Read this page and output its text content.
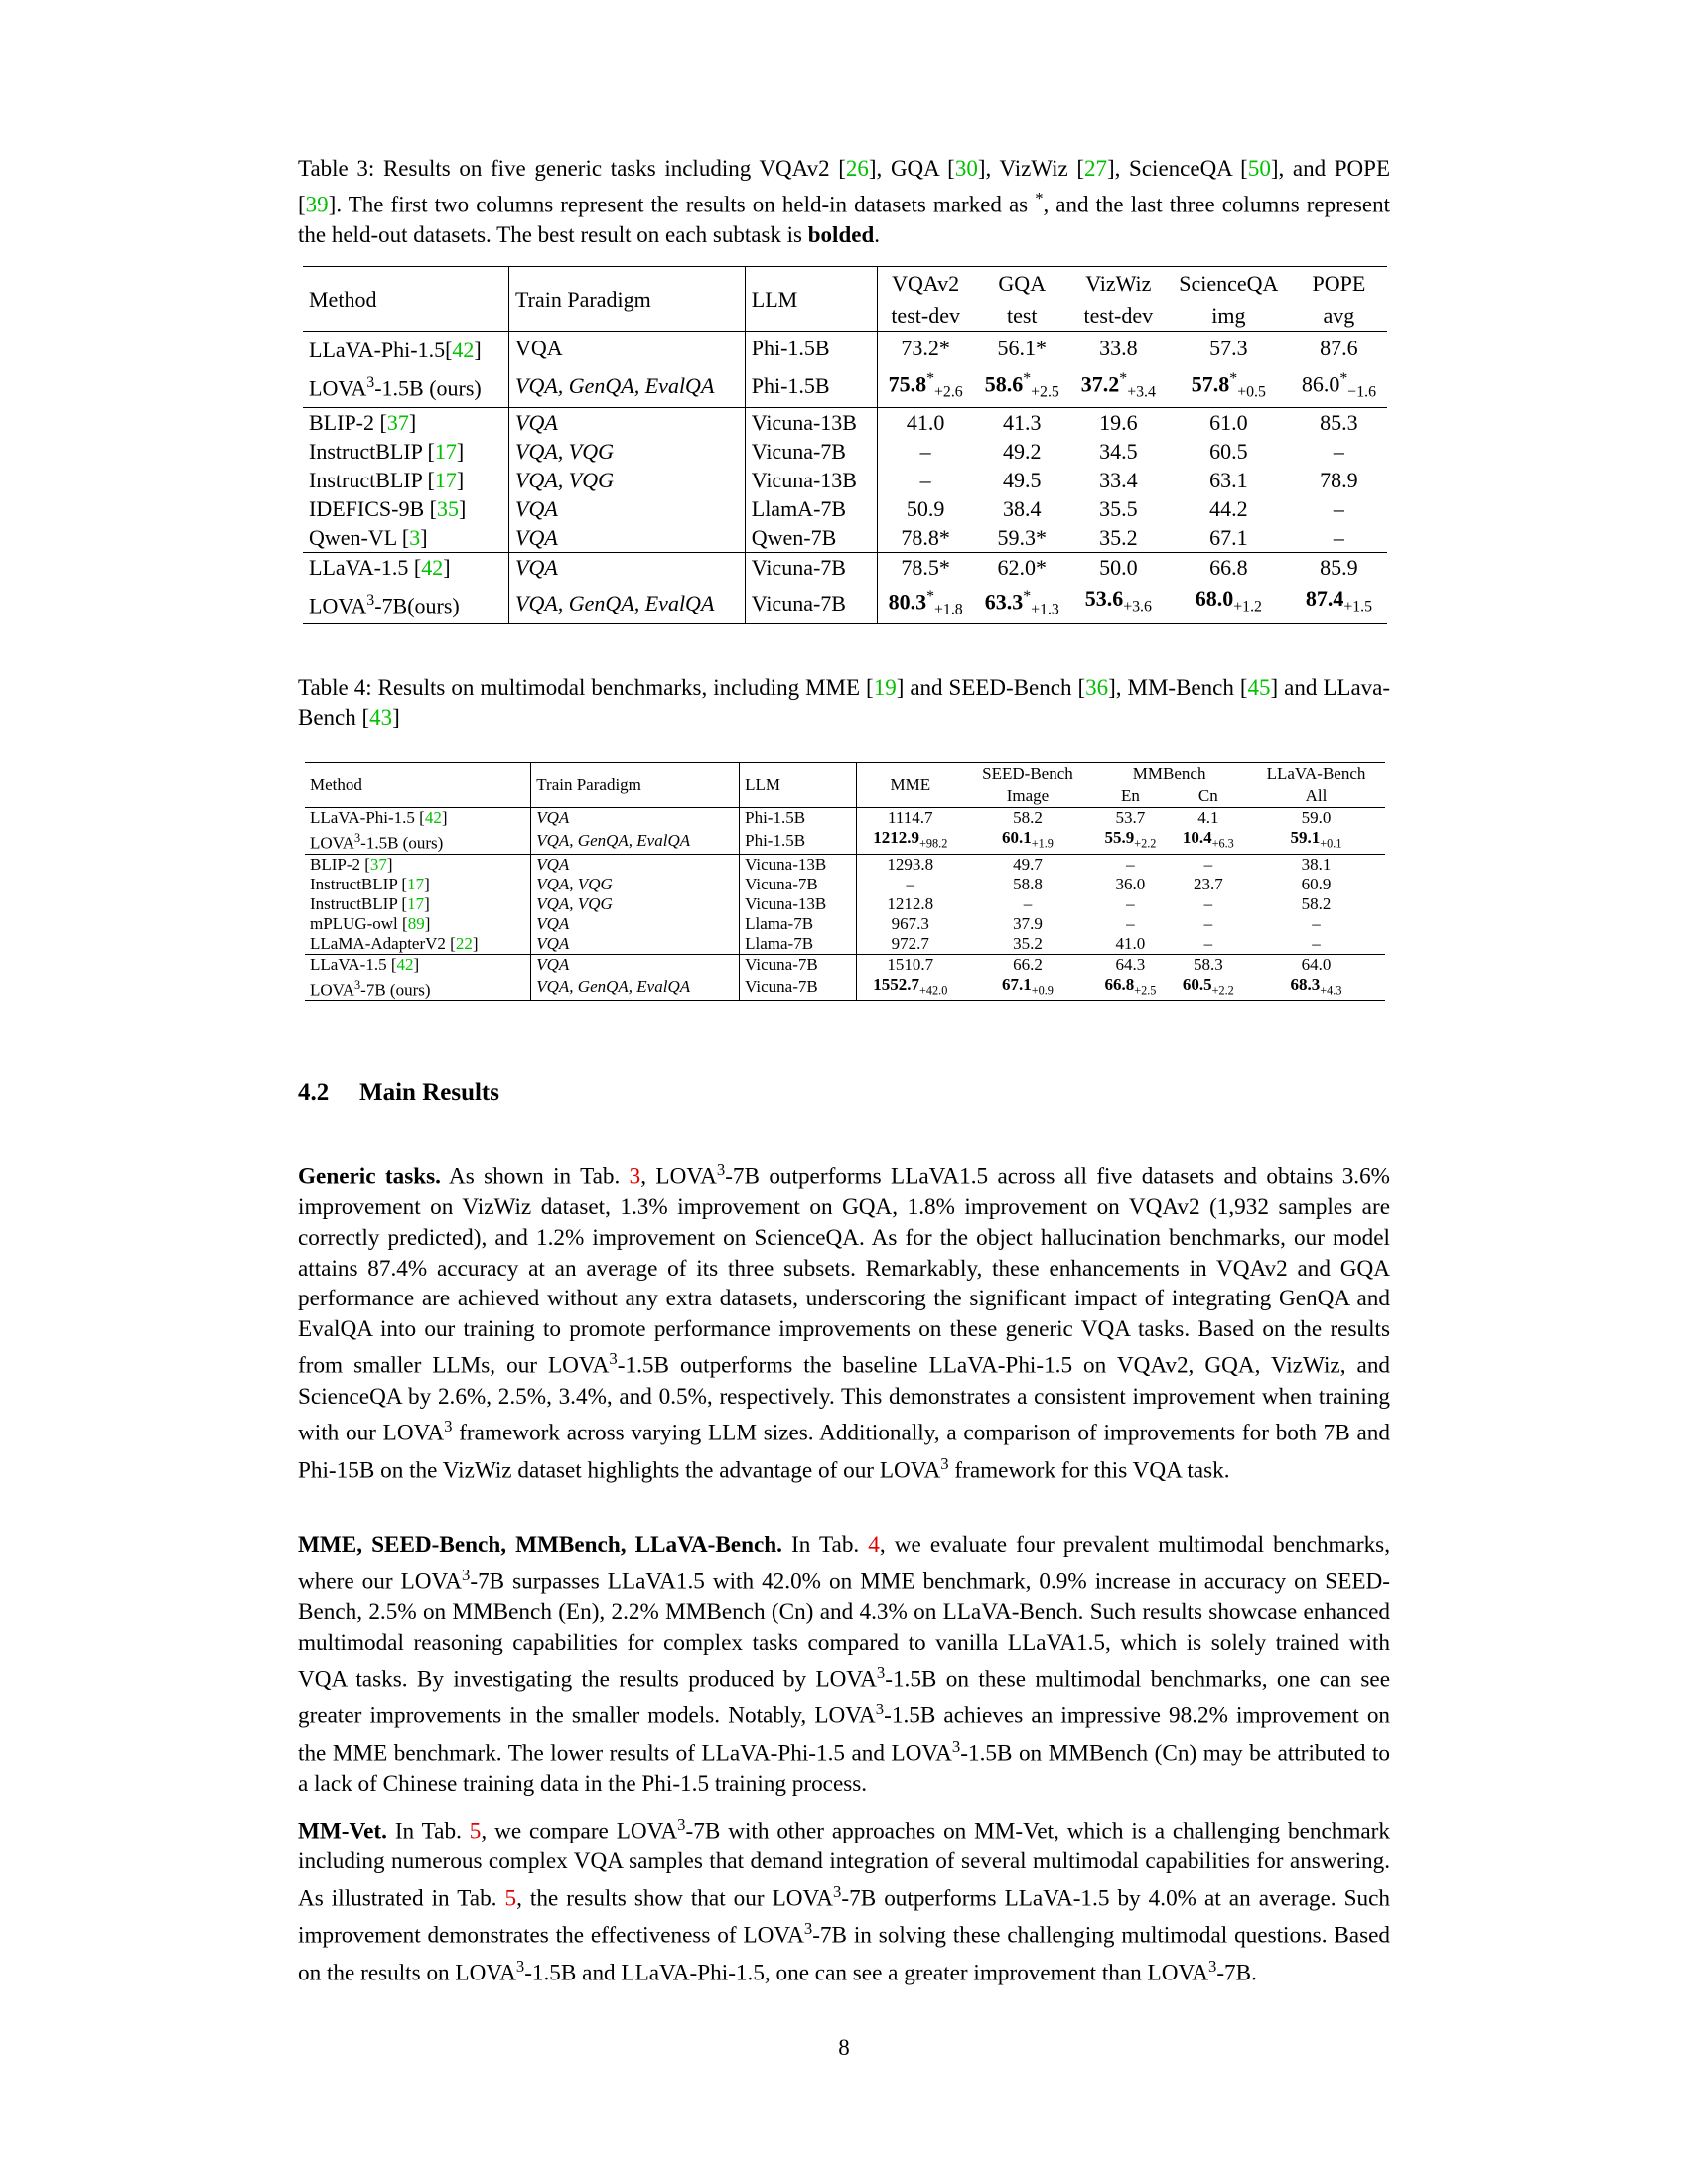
Table 3: Results on five generic tasks including VQAv2 [26], GQA [30], VizWiz [27], ScienceQA [50], and POPE [39]. The first two columns represent the results on held-in datasets marked as *, and the last three columns represent the held-out datasets. The best result on each subtask is bolded.
Method	Train Paradigm	LLM	VQAv2	GQA	VizWiz	ScienceQA	POPE
			test-dev	test	test-dev	img	avg
LLaVA-Phi-1.5[42]	VQA	Phi-1.5B	73.2*	56.1*	33.8	57.3	87.6
LOVA$^3$-1.5B (ours)	VQA, GenQA, EvalQA	Phi-1.5B	$75.8^*_{+2.6}$	$58.6^*_{+2.5}$	$37.2^*_{+3.4}$	$57.8^*_{+0.5}$	$86.0^*_{-1.6}$
BLIP-2 [37]	VQA	Vicuna-13B	41.0	41.3	19.6	61.0	85.3
InstructBLIP [17]	VQA, VQG	Vicuna-7B	–	49.2	34.5	60.5	–
InstructBLIP [17]	VQA, VQG	Vicuna-13B	–	49.5	33.4	63.1	78.9
IDEFICS-9B [35]	VQA	LlamA-7B	50.9	38.4	35.5	44.2	–
Qwen-VL [3]	VQA	Qwen-7B	78.8*	59.3*	35.2	67.1	–
LLaVA-1.5 [42]	VQA	Vicuna-7B	78.5*	62.0*	50.0	66.8	85.9
LOVA$^3$-7B(ours)	VQA, GenQA, EvalQA	Vicuna-7B	$80.3^*_{+1.8}$	$63.3^*_{+1.3}$	$53.6_{+3.6}$	$68.0_{+1.2}$	$87.4_{+1.5}$
Table 4: Results on multimodal benchmarks, including MME [19] and SEED-Bench [36], MM-Bench [45] and LLava-Bench [43]
Method	Train Paradigm	LLM	MME	SEED-Bench	MMBench		LLaVA-Bench
				Image	En	Cn	All
LLaVA-Phi-1.5 [42]	VQA	Phi-1.5B	1114.7	58.2	53.7	4.1	59.0
LOVA$^3$-1.5B (ours)	VQA, GenQA, EvalQA	Phi-1.5B	$1212.9_{+98.2}$	$60.1_{+1.9}$	$55.9_{+2.2}$	$10.4_{+6.3}$	$59.1_{+0.1}$
BLIP-2 [37]	VQA	Vicuna-13B	1293.8	49.7	–	–	38.1
InstructBLIP [17]	VQA, VQG	Vicuna-7B	–	58.8	36.0	23.7	60.9
InstructBLIP [17]	VQA, VQG	Vicuna-13B	1212.8	–	–	–	58.2
mPLUG-owl [89]	VQA	Llama-7B	967.3	37.9	–	–	–
LLaMA-AdapterV2 [22]	VQA	Llama-7B	972.7	35.2	41.0	–	–
LLaVA-1.5 [42]	VQA	Vicuna-7B	1510.7	66.2	64.3	58.3	64.0
LOVA$^3$-7B (ours)	VQA, GenQA, EvalQA	Vicuna-7B	$1552.7_{+42.0}$	$67.1_{+0.9}$	$66.8_{+2.5}$	$60.5_{+2.2}$	$68.3_{+4.3}$
4.2 Main Results

Generic tasks. As shown in Tab. 3, LOVA$^3$-7B outperforms LLaVA1.5 across all five datasets and obtains 3.6% improvement on VizWiz dataset, 1.3% improvement on GQA, 1.8% improvement on VQAv2 (1,932 samples are correctly predicted), and 1.2% improvement on ScienceQA. As for the object hallucination benchmarks, our model attains 87.4% accuracy at an average of its three subsets. Remarkably, these enhancements in VQAv2 and GQA performance are achieved without any extra datasets, underscoring the significant impact of integrating GenQA and EvalQA into our training to promote performance improvements on these generic VQA tasks. Based on the results from smaller LLMs, our LOVA$^3$-1.5B outperforms the baseline LLaVA-Phi-1.5 on VQAv2, GQA, VizWiz, and ScienceQA by 2.6%, 2.5%, 3.4%, and 0.5%, respectively. This demonstrates a consistent improvement when training with our LOVA$^3$ framework across varying LLM sizes. Additionally, a comparison of improvements for both 7B and Phi-15B on the VizWiz dataset highlights the advantage of our LOVA$^3$ framework for this VQA task.

MME, SEED-Bench, MMBench, LLaVA-Bench. In Tab. 4, we evaluate four prevalent multimodal benchmarks, where our LOVA$^3$-7B surpasses LLaVA1.5 with 42.0% on MME benchmark, 0.9% increase in accuracy on SEED-Bench, 2.5% on MMBench (En), 2.2% MMBench (Cn) and 4.3% on LLaVA-Bench. Such results showcase enhanced multimodal reasoning capabilities for complex tasks compared to vanilla LLaVA1.5, which is solely trained with VQA tasks. By investigating the results produced by LOVA$^3$-1.5B on these multimodal benchmarks, one can see greater improvements in the smaller models. Notably, LOVA$^3$-1.5B achieves an impressive 98.2% improvement on the MME benchmark. The lower results of LLaVA-Phi-1.5 and LOVA$^3$-1.5B on MMBench (Cn) may be attributed to a lack of Chinese training data in the Phi-1.5 training process.

MM-Vet. In Tab. 5, we compare LOVA$^3$-7B with other approaches on MM-Vet, which is a challenging benchmark including numerous complex VQA samples that demand integration of several multimodal capabilities for answering. As illustrated in Tab. 5, the results show that our LOVA$^3$-7B outperforms LLaVA-1.5 by 4.0% at an average. Such improvement demonstrates the effectiveness of LOVA$^3$-7B in solving these challenging multimodal questions. Based on the results on LOVA$^3$-1.5B and LLaVA-Phi-1.5, one can see a greater improvement than LOVA$^3$-7B.

8
